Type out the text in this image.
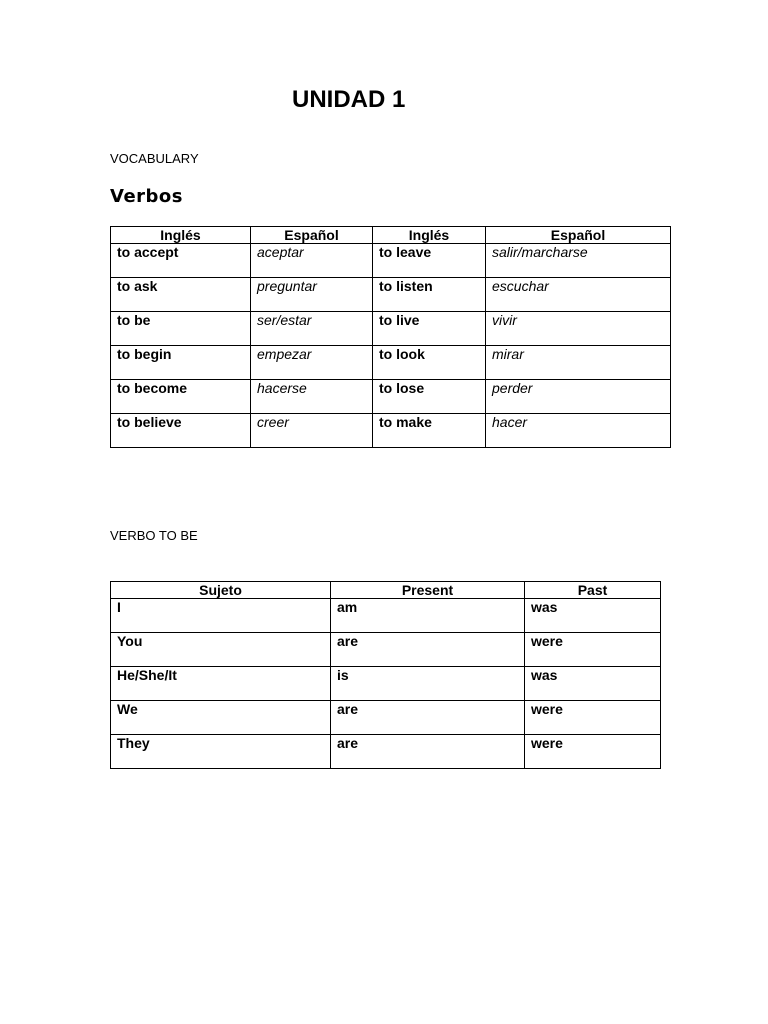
UNIDAD 1

VOCABULARY

Verbos
Inglés	Español	Inglés	Español
to accept	aceptar	to leave	salir/marcharse
to ask	preguntar	to listen	escuchar
to be	ser/estar	to live	vivir
to begin	empezar	to look	mirar
to become	hacerse	to lose	perder
to believe	creer	to make	hacer

VERBO TO BE

Sujeto	Present	Past
I	am	was
You	are	were
He/She/It	is	was
We	are	were
They	are	were
